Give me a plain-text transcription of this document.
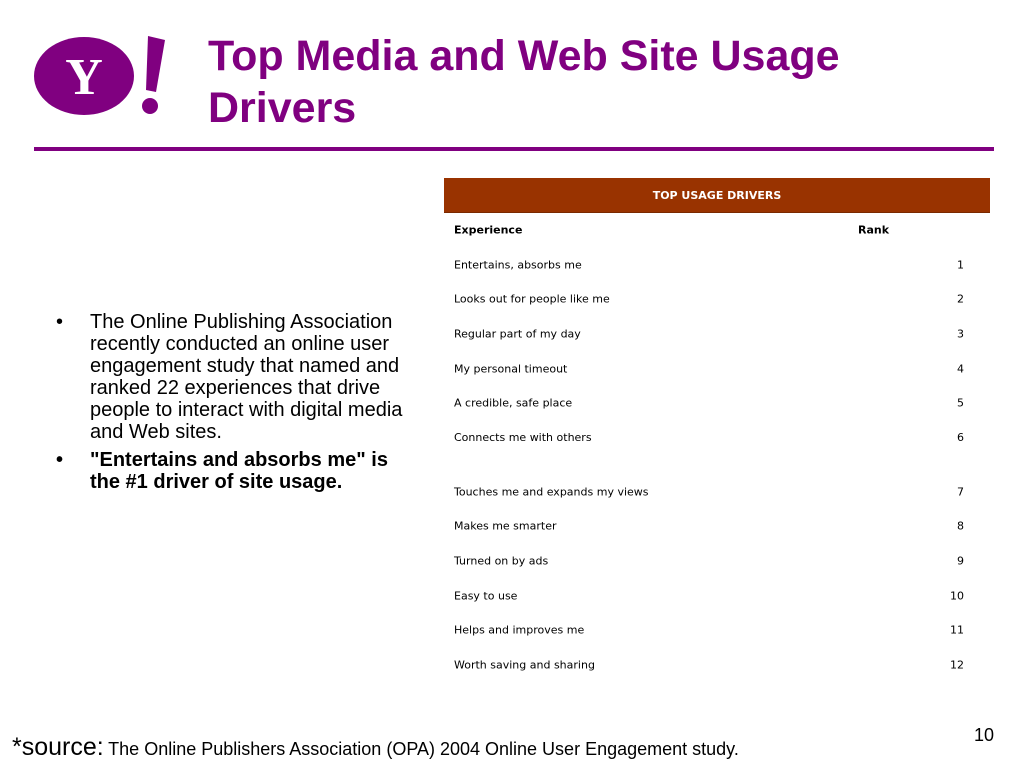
Y Top Media and Web Site Usage
Drivers
• The Online Publishing Association recently conducted an online user engagement study that named and ranked 22 experiences that drive people to interact with digital media and Web sites.
• "Entertains and absorbs me" is the #1 driver of site usage.
TOP USAGE DRIVERS
Experience	Rank
Entertains, absorbs me	1
Looks out for people like me	2
Regular part of my day	3
My personal timeout	4
A credible, safe place	5
Connects me with others	6
Touches me and expands my views	7
Makes me smarter	8
Turned on by ads	9
Easy to use	10
Helps and improves me	11
Worth saving and sharing	12
*source: The Online Publishers Association (OPA) 2004 Online User Engagement study.
10
